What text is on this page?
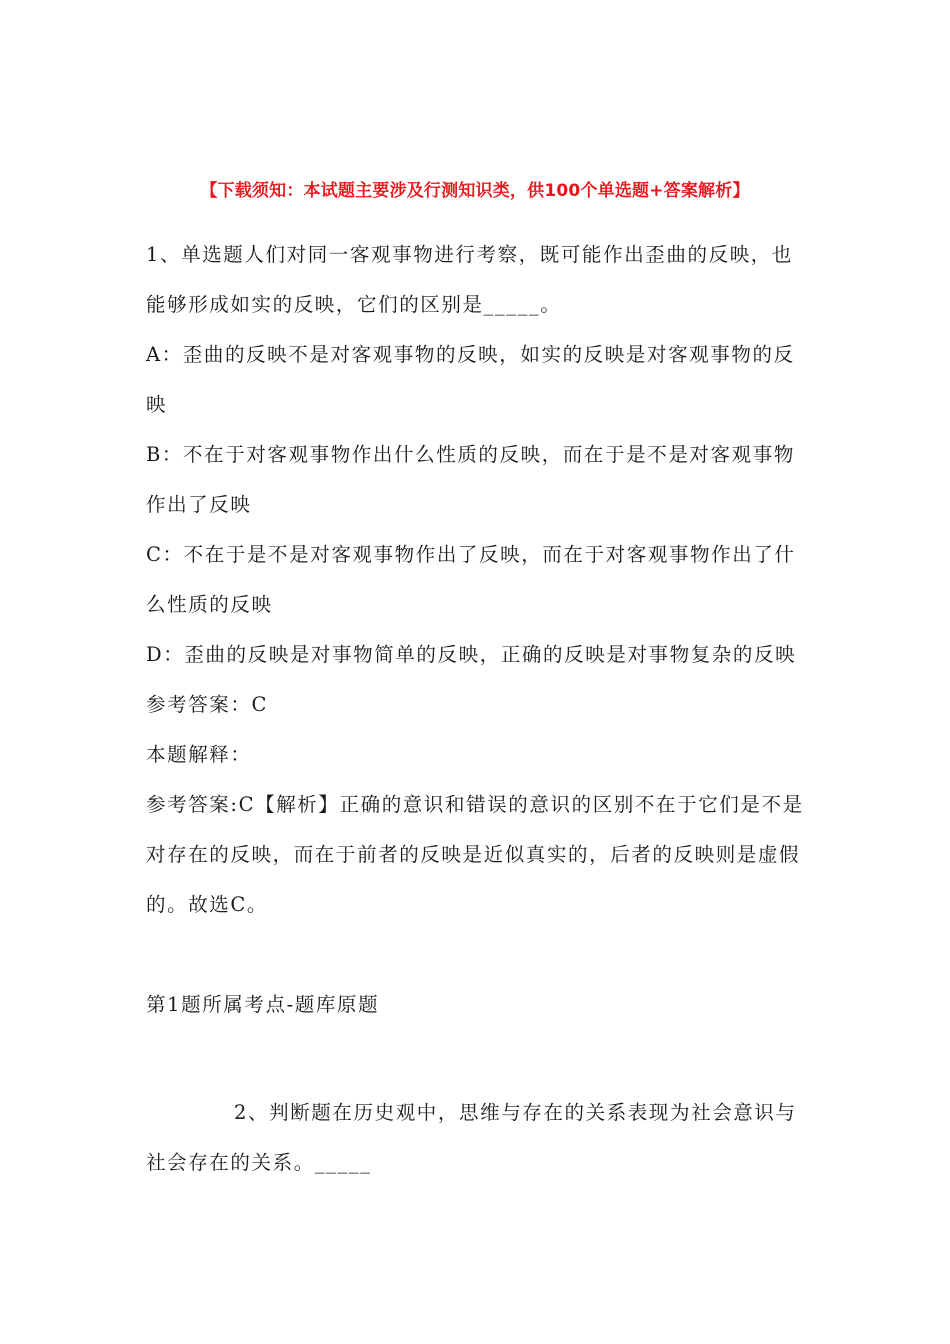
【下载须知：本试题主要涉及行测知识类，供100个单选题+答案解析】

1、单选题人们对同一客观事物进行考察，既可能作出歪曲的反映，也能够形成如实的反映，它们的区别是_____。

A：歪曲的反映不是对客观事物的反映，如实的反映是对客观事物的反映

B：不在于对客观事物作出什么性质的反映，而在于是不是对客观事物作出了反映

C：不在于是不是对客观事物作出了反映，而在于对客观事物作出了什么性质的反映

D：歪曲的反映是对事物简单的反映，正确的反映是对事物复杂的反映

参考答案：C

本题解释：

参考答案:C【解析】正确的意识和错误的意识的区别不在于它们是不是对存在的反映，而在于前者的反映是近似真实的，后者的反映则是虚假的。故选C。

第1题所属考点-题库原题

2、判断题在历史观中，思维与存在的关系表现为社会意识与社会存在的关系。_____
